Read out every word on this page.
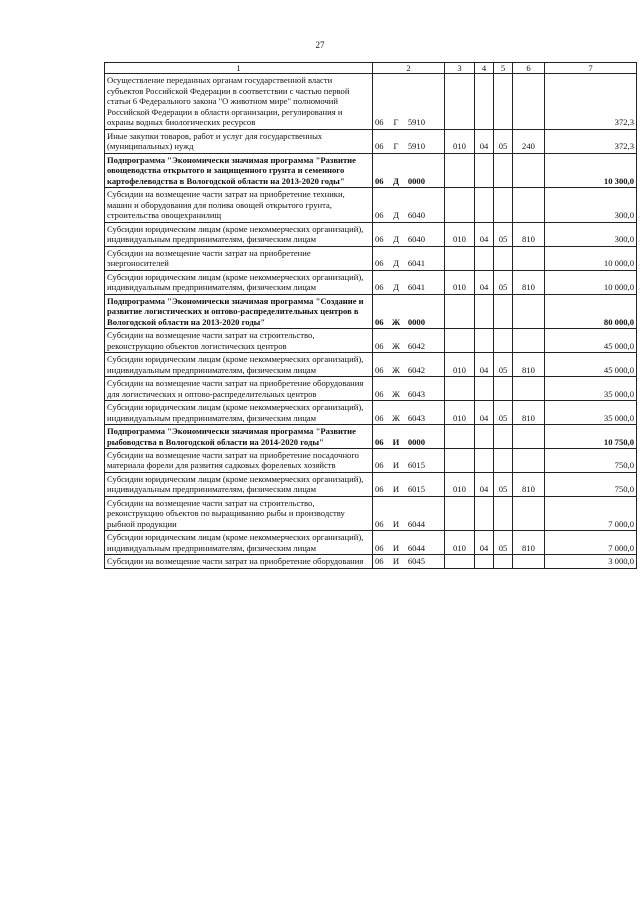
27
1	2	3	4	5	6	7
Осуществление переданных органам государственной власти субъектов Российской Федерации в соответствии с частью первой статьи 6 Федерального закона "О животном мире" полномочий Российской Федерации в области организации, регулирования и охраны водных биологических ресурсов	06 Г 5910					372,3
Иные закупки товаров, работ и услуг для государственных (муниципальных) нужд	06 Г 5910	010	04	05	240	372,3
Подпрограмма "Экономически значимая программа "Развитие овощеводства открытого и защищенного грунта и семенного картофелеводства в Вологодской области на 2013-2020 годы"	06 Д 0000					10 300,0
Субсидии на возмещение части затрат на приобретение техники, машин и оборудования для полива овощей открытого грунта, строительства овощехранилищ	06 Д 6040					300,0
Субсидии юридическим лицам (кроме некоммерческих организаций), индивидуальным предпринимателям, физическим лицам	06 Д 6040	010	04	05	810	300,0
Субсидии на возмещение части затрат на приобретение энергоносителей	06 Д 6041					10 000,0
Субсидии юридическим лицам (кроме некоммерческих организаций), индивидуальным предпринимателям, физическим лицам	06 Д 6041	010	04	05	810	10 000,0
Подпрограмма "Экономически значимая программа "Создание и развитие логистических и оптово-распределительных центров в Вологодской области на 2013-2020 годы"	06 Ж 0000					80 000,0
Субсидии на возмещение части затрат на строительство, реконструкцию объектов логистических центров	06 Ж 6042					45 000,0
Субсидии юридическим лицам (кроме некоммерческих организаций), индивидуальным предпринимателям, физическим лицам	06 Ж 6042	010	04	05	810	45 000,0
Субсидии на возмещение части затрат на приобретение оборудования для логистических и оптово-распределительных центров	06 Ж 6043					35 000,0
Субсидии юридическим лицам (кроме некоммерческих организаций), индивидуальным предпринимателям, физическим лицам	06 Ж 6043	010	04	05	810	35 000,0
Подпрограмма "Экономически значимая программа "Развитие рыбоводства в Вологодской области на 2014-2020 годы"	06 И 0000					10 750,0
Субсидии на возмещение части затрат на приобретение посадочного материала форели для развития садковых форелевых хозяйств	06 И 6015					750,0
Субсидии юридическим лицам (кроме некоммерческих организаций), индивидуальным предпринимателям, физическим лицам	06 И 6015	010	04	05	810	750,0
Субсидии на возмещение части затрат на строительство, реконструкцию объектов по выращиванию рыбы и производству рыбной продукции	06 И 6044					7 000,0
Субсидии юридическим лицам (кроме некоммерческих организаций), индивидуальным предпринимателям, физическим лицам	06 И 6044	010	04	05	810	7 000,0
Субсидии на возмещение части затрат на приобретение оборудования	06 И 6045					3 000,0
